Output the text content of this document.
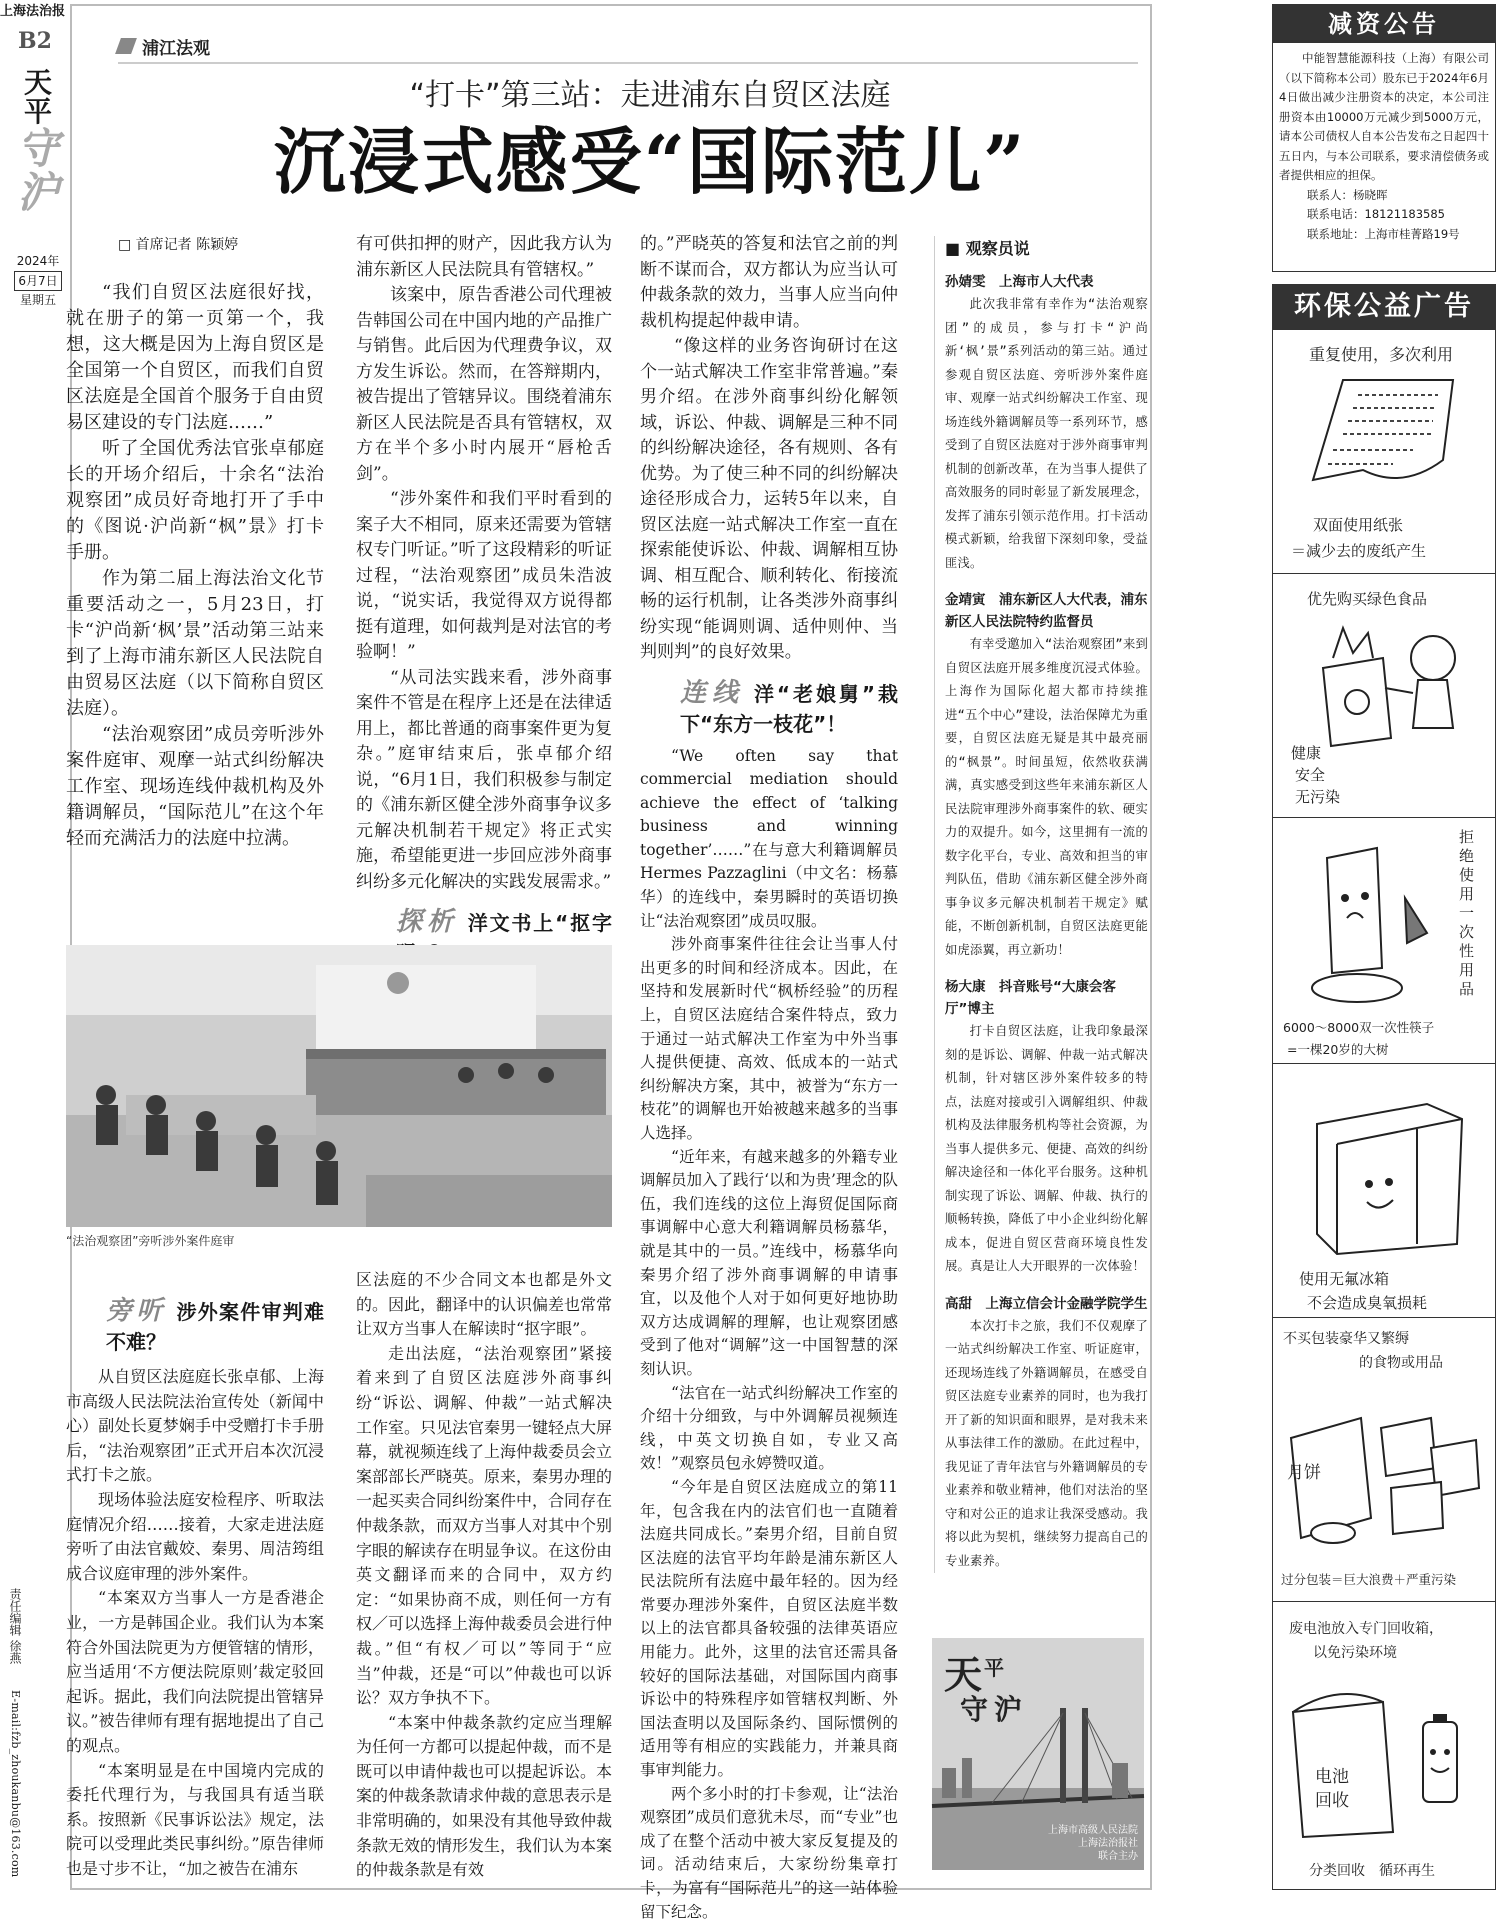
上海法治报
B2
天
平
守
沪
2024年
6月7日
星期五
责任编辑 徐燕
E-mail:fzb_zhoukanbu@163.com
浦江法观
“打卡”第三站：走进浦东自贸区法庭
沉浸式感受“国际范儿”
□ 首席记者 陈颖婷

“我们自贸区法庭很好找，就在册子的第一页第一个，我想，这大概是因为上海自贸区是全国第一个自贸区，而我们自贸区法庭是全国首个服务于自由贸易区建设的专门法庭……”

听了全国优秀法官张卓郁庭长的开场介绍后，十余名“法治观察团”成员好奇地打开了手中的《图说·沪尚新“枫”景》打卡手册。

作为第二届上海法治文化节重要活动之一，5月23日，打卡“沪尚新‘枫’景”活动第三站来到了上海市浦东新区人民法院自由贸易区法庭（以下简称自贸区法庭）。

“法治观察团”成员旁听涉外案件庭审、观摩一站式纠纷解决工作室、现场连线仲裁机构及外籍调解员，“国际范儿”在这个年轻而充满活力的法庭中拉满。

有可供扣押的财产，因此我方认为浦东新区人民法院具有管辖权。”

该案中，原告香港公司代理被告韩国公司在中国内地的产品推广与销售。此后因为代理费争议，双方发生诉讼。然而，在答辩期内，被告提出了管辖异议。围绕着浦东新区人民法院是否具有管辖权，双方在半个多小时内展开“唇枪舌剑”。

“涉外案件和我们平时看到的案子大不相同，原来还需要为管辖权专门听证。”听了这段精彩的听证过程，“法治观察团”成员朱浩波说，“说实话，我觉得双方说得都挺有道理，如何裁判是对法官的考验啊！”

“从司法实践来看，涉外商事案件不管是在程序上还是在法律适用上，都比普通的商事案件更为复杂。”庭审结束后，张卓郁介绍说，“6月1日，我们积极参与制定的《浦东新区健全涉外商事争议多元解决机制若干规定》将正式实施，希望能更进一步回应涉外商事纠纷多元化解决的实践发展需求。”

探析 洋文书上“抠字

的。”严晓英的答复和法官之前的判断不谋而合，双方都认为应当认可仲裁条款的效力，当事人应当向仲裁机构提起仲裁申请。

“像这样的业务咨询研讨在这个一站式解决工作室非常普遍。”秦男介绍。在涉外商事纠纷化解领域，诉讼、仲裁、调解是三种不同的纠纷解决途径，各有规则、各有优势。为了使三种不同的纠纷解决途径形成合力，运转5年以来，自贸区法庭一站式解决工作室一直在探索能使诉讼、仲裁、调解相互协调、相互配合、顺利转化、衔接流畅的运行机制，让各类涉外商事纠纷实现“能调则调、适仲则仲、当判则判”的良好效果。

连线 洋“老娘舅”栽下“东方一枝花”！

“We often say that commercial mediation should achieve the effect of ‘talking business and winning together’……”在与意大利籍调解员Hermes Pazzaglini（中文名：杨慕华）的连线中，秦男瞬时的英语切换让“法治观察团”成员叹服。

涉外商事案件往往会让当事人付出更多的时间和经济成本。因此，在坚持和发展新时代“枫桥经验”的历程上，自贸区法庭结合案件特点，致力于通过一站式解决工作室为中外当事人提供便捷、高效、低成本的一站式纠纷解决方案，其中，被誉为“东方一枝花”的调解也开始被越来越多的当事人选择。

“近年来，有越来越多的外籍专业调解员加入了践行‘以和为贵’理念的队伍，我们连线的这位上海贸促国际商事调解中心意大利籍调解员杨慕华，就是其中的一员。”连线中，杨慕华向秦男介绍了涉外商事调解的申请事宜，以及他个人对于如何更好地协助双方达成调解的理解，也让观察团感受到了他对“调解”这一中国智慧的深刻认识。

“法官在一站式纠纷解决工作室的介绍十分细致，与中外调解员视频连线，中英文切换自如，专业又高效！”观察员包永婷赞叹道。

“今年是自贸区法庭成立的第11年，包含我在内的法官们也一直随着法庭共同成长。”秦男介绍，目前自贸区法庭的法官平均年龄是浦东新区人民法院所有法庭中最年轻的。因为经常要办理涉外案件，自贸区法庭半数以上的法官都具备较强的法律英语应用能力。此外，这里的法官还需具备较好的国际法基础，对国际国内商事诉讼中的特殊程序如管辖权判断、外国法查明以及国际条约、国际惯例的适用等有相应的实践能力，并兼具商事审判能力。

两个多小时的打卡参观，让“法治观察团”成员们意犹未尽，而“专业”也成了在整个活动中被大家反复提及的词。活动结束后，大家纷纷集章打卡，为富有“国际范儿”的这一站体验留下纪念。

“法治观察团”旁听涉外案件庭审
旁听 涉外案件审判难不难？

从自贸区法庭庭长张卓郁、上海市高级人民法院法治宣传处（新闻中心）副处长夏梦娴手中受赠打卡手册后，“法治观察团”正式开启本次沉浸式打卡之旅。

现场体验法庭安检程序、听取法庭情况介绍……接着，大家走进法庭旁听了由法官戴姣、秦男、周洁筠组成合议庭审理的涉外案件。

“本案双方当事人一方是香港企业，一方是韩国企业。我们认为本案符合外国法院更为方便管辖的情形，应当适用‘不方便法院原则’裁定驳回起诉。据此，我们向法院提出管辖异议。”被告律师有理有据地提出了自己的观点。

“本案明显是在中国境内完成的委托代理行为，与我国具有适当联系。按照新《民事诉讼法》规定，法院可以受理此类民事纠纷。”原告律师也是寸步不让，“加之被告在浦东

区法庭的不少合同文本也都是外文的。因此，翻译中的认识偏差也常常让双方当事人在解读时“抠字眼”。

走出法庭，“法治观察团”紧接着来到了自贸区法庭涉外商事纠纷“诉讼、调解、仲裁”一站式解决工作室。只见法官秦男一键轻点大屏幕，就视频连线了上海仲裁委员会立案部部长严晓英。原来，秦男办理的一起买卖合同纠纷案件中，合同存在仲裁条款，而双方当事人对其中个别字眼的解读存在明显争议。在这份由英文翻译而来的合同中，双方约定：“如果协商不成，则任何一方有权／可以选择上海仲裁委员会进行仲裁。”但“有权／可以”等同于“应当”仲裁，还是“可以”仲裁也可以诉讼？双方争执不下。

“本案中仲裁条款约定应当理解为任何一方都可以提起仲裁，而不是既可以申请仲裁也可以提起诉讼。本案的仲裁条款请求仲裁的意思表示是非常明确的，如果没有其他导致仲裁条款无效的情形发生，我们认为本案的仲裁条款是有效

■ 观察员说
孙婧雯　上海市人大代表
此次我非常有幸作为“法治观察团”的成员，参与打卡“沪尚新‘枫’景”系列活动的第三站。通过参观自贸区法庭、旁听涉外案件庭审、观摩一站式纠纷解决工作室、现场连线外籍调解员等一系列环节，感受到了自贸区法庭对于涉外商事审判机制的创新改革，在为当事人提供了高效服务的同时彰显了新发展理念，发挥了浦东引领示范作用。打卡活动模式新颖，给我留下深刻印象，受益匪浅。
金靖寅　浦东新区人大代表，浦东新区人民法院特约监督员
有幸受邀加入“法治观察团”来到自贸区法庭开展多维度沉浸式体验。上海作为国际化超大都市持续推进“五个中心”建设，法治保障尤为重要，自贸区法庭无疑是其中最亮丽的“枫景”。时间虽短，依然收获满满，真实感受到这些年来浦东新区人民法院审理涉外商事案件的软、硬实力的双提升。如今，这里拥有一流的数字化平台，专业、高效和担当的审判队伍，借助《浦东新区健全涉外商事争议多元解决机制若干规定》赋能，不断创新机制，自贸区法庭更能如虎添翼，再立新功！
杨大康　抖音账号“大康会客厅”博主
打卡自贸区法庭，让我印象最深刻的是诉讼、调解、仲裁一站式解决机制，针对辖区涉外案件较多的特点，法庭对接或引入调解组织、仲裁机构及法律服务机构等社会资源，为当事人提供多元、便捷、高效的纠纷解决途径和一体化平台服务。这种机制实现了诉讼、调解、仲裁、执行的顺畅转换，降低了中小企业纠纷化解成本，促进自贸区营商环境良性发展。真是让人大开眼界的一次体验！
高甜　上海立信会计金融学院学生
本次打卡之旅，我们不仅观摩了一站式纠纷解决工作室、听证庭审，还现场连线了外籍调解员，在感受自贸区法庭专业素养的同时，也为我打开了新的知识面和眼界，是对我未来从事法律工作的激励。在此过程中，我见证了青年法官与外籍调解员的专业素养和敬业精神，他们对法治的坚守和对公正的追求让我深受感动。我将以此为契机，继续努力提高自己的专业素养。
天 平
守 沪
上海市高级人民法院
上海法治报社
联合主办
减资公告

中能智慧能源科技（上海）有限公司（以下简称本公司）股东已于2024年6月4日做出减少注册资本的决定，本公司注册资本由10000万元减少到5000万元，请本公司债权人自本公告发布之日起四十五日内，与本公司联系，要求清偿债务或者提供相应的担保。

联系人：杨晓晖

联系电话：18121183585

联系地址：上海市桂菁路19号

环保公益广告
重复使用，多次利用
双面使用纸张
＝减少去的废纸产生
优先购买绿色食品
健康
安全
无污染
拒
绝
使
用
一
次
性
用
品
6000～8000双一次性筷子
=一棵20岁的大树
使用无氟冰箱
不会造成臭氧损耗
不买包装豪华又繁缛
的食物或用品
月饼
过分包装＝巨大浪费＋严重污染
废电池放入专门回收箱，
以免污染环境
电池
回收
分类回收　循环再生
